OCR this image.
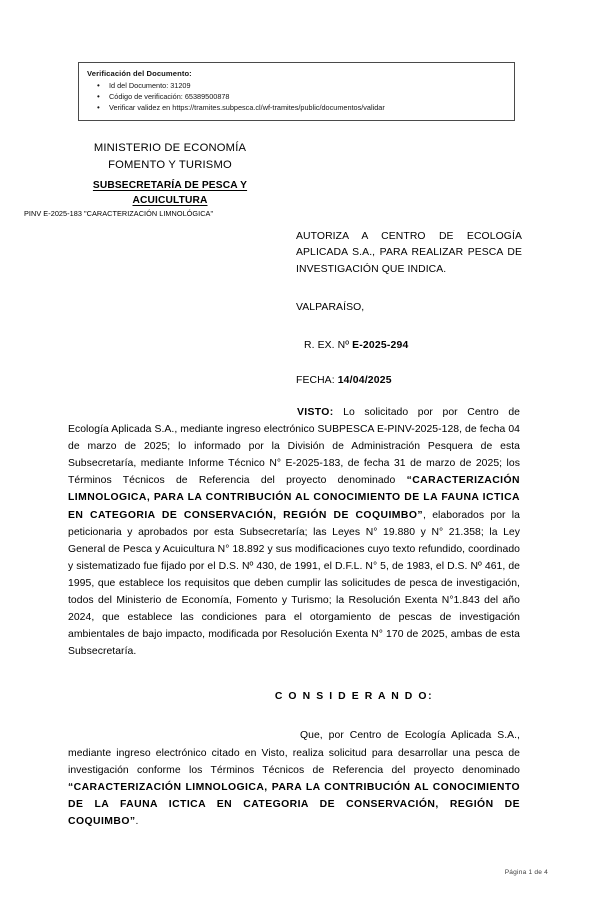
Verificación del Documento:
• Id del Documento: 31209
• Código de verificación: 65389500878
• Verificar validez en https://tramites.subpesca.cl/wf-tramites/public/documentos/validar
MINISTERIO DE ECONOMÍA
FOMENTO Y TURISMO
SUBSECRETARÍA DE PESCA Y
ACUICULTURA
PINV E-2025-183 "CARACTERIZACIÓN LIMNOLÓGICA"
AUTORIZA A CENTRO DE ECOLOGÍA APLICADA S.A., PARA REALIZAR PESCA DE INVESTIGACIÓN QUE INDICA.
VALPARAÍSO,
R. EX. Nº E-2025-294
FECHA: 14/04/2025

VISTO: Lo solicitado por por Centro de Ecología Aplicada S.A., mediante ingreso electrónico SUBPESCA E-PINV-2025-128, de fecha 04 de marzo de 2025; lo informado por la División de Administración Pesquera de esta Subsecretaría, mediante Informe Técnico N° E-2025-183, de fecha 31 de marzo de 2025; los Términos Técnicos de Referencia del proyecto denominado “CARACTERIZACIÓN LIMNOLOGICA, PARA LA CONTRIBUCIÓN AL CONOCIMIENTO DE LA FAUNA ICTICA EN CATEGORIA DE CONSERVACIÓN, REGIÓN DE COQUIMBO”, elaborados por la peticionaria y aprobados por esta Subsecretaría; las Leyes N° 19.880 y N° 21.358; la Ley General de Pesca y Acuicultura N° 18.892 y sus modificaciones cuyo texto refundido, coordinado y sistematizado fue fijado por el D.S. Nº 430, de 1991, el D.F.L. N° 5, de 1983, el D.S. Nº 461, de 1995, que establece los requisitos que deben cumplir las solicitudes de pesca de investigación, todos del Ministerio de Economía, Fomento y Turismo; la Resolución Exenta N°1.843 del año 2024, que establece las condiciones para el otorgamiento de pescas de investigación ambientales de bajo impacto, modificada por Resolución Exenta N° 170 de 2025, ambas de esta Subsecretaría.

C O N S I D E R A N D O:

Que, por Centro de Ecología Aplicada S.A., mediante ingreso electrónico citado en Visto, realiza solicitud para desarrollar una pesca de investigación conforme los Términos Técnicos de Referencia del proyecto denominado “CARACTERIZACIÓN LIMNOLOGICA, PARA LA CONTRIBUCIÓN AL CONOCIMIENTO DE LA FAUNA ICTICA EN CATEGORIA DE CONSERVACIÓN, REGIÓN DE COQUIMBO”.

Página 1 de 4
